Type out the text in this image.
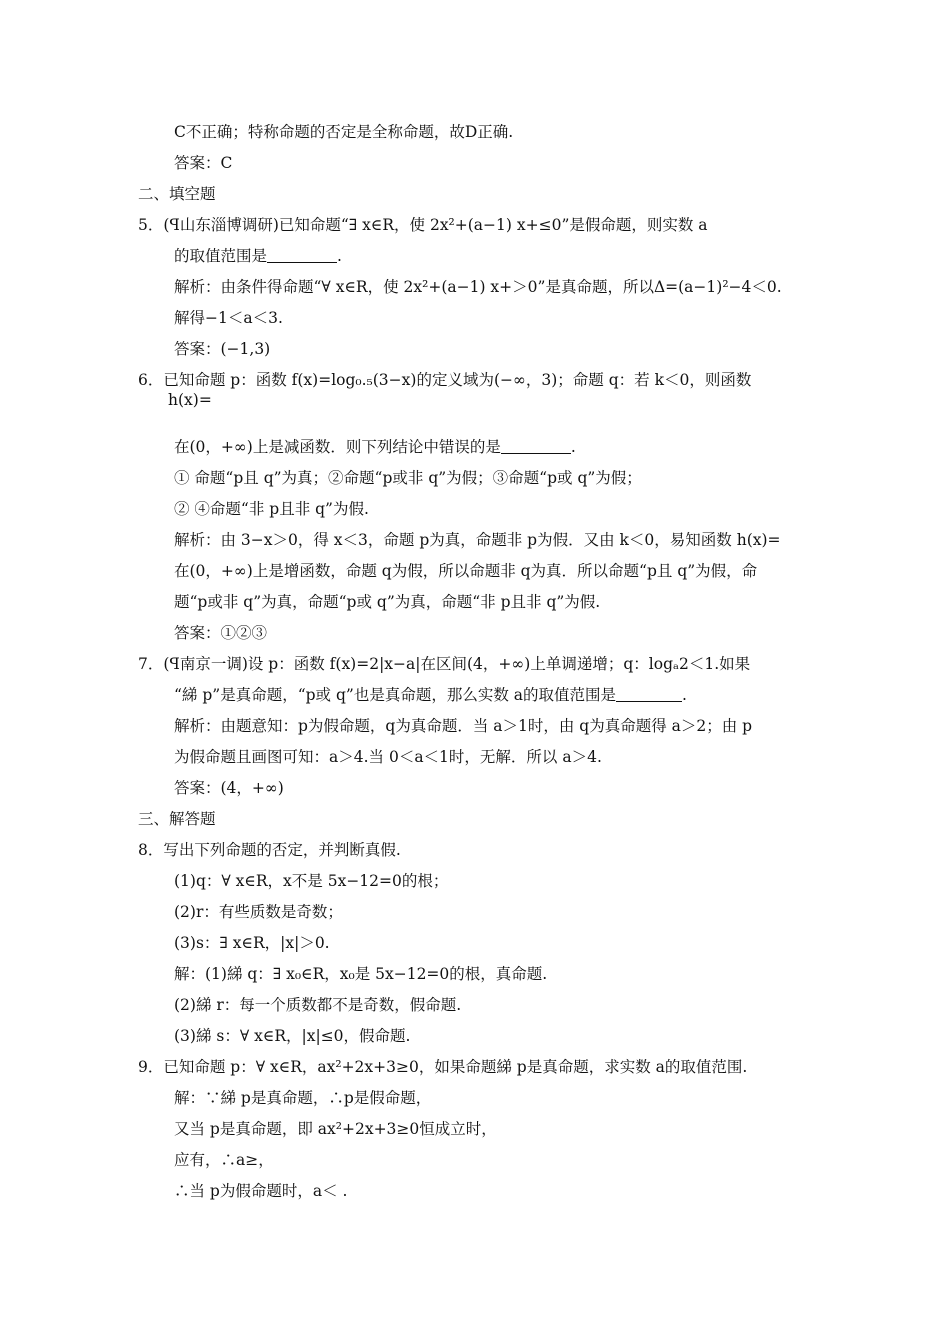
C不正确；特称命题的否定是全称命题，故D正确.
答案：C
二、填空题
5．(ꟼ山东淄博调研)已知命题“∃ x∈R，使 2x²+(a−1) x+≤0”是假命题，则实数 a
的取值范围是	.
解析：由条件得命题“∀ x∈R，使 2x²+(a−1) x+＞0”是真命题，所以Δ=(a−1)²−4＜0.
解得−1＜a＜3.
答案：(−1,3)
6．已知命题 p：函数 f(x)=log₀.₅(3−x)的定义域为(−∞，3)；命题 q：若 k＜0，则函数
h(x)=
在(0，+∞)上是减函数．则下列结论中错误的是	.
① 命题“p且 q”为真；②命题“p或非 q”为假；③命题“p或 q”为假；
② ④命题“非 p且非 q”为假.
解析：由 3−x＞0，得 x＜3，命题 p为真，命题非 p为假．又由 k＜0，易知函数 h(x)=
在(0，+∞)上是增函数，命题 q为假，所以命题非 q为真．所以命题“p且 q”为假，命
题“p或非 q”为真，命题“p或 q”为真，命题“非 p且非 q”为假.
答案：①②③
7．(ꟼ南京一调)设 p：函数 f(x)=2|x−a|在区间(4，+∞)上单调递增；q：logₐ2＜1.如果
“綈 p”是真命题，“p或 q”也是真命题，那么实数 a的取值范围是	.
解析：由题意知：p为假命题，q为真命题．当 a＞1时，由 q为真命题得 a＞2；由 p
为假命题且画图可知：a＞4.当 0＜a＜1时，无解．所以 a＞4.
答案：(4，+∞)
三、解答题
8．写出下列命题的否定，并判断真假.
(1)q：∀ x∈R，x不是 5x−12=0的根；
(2)r：有些质数是奇数；
(3)s：∃ x∈R，|x|＞0.
解：(1)綈 q：∃ x₀∈R，x₀是 5x−12=0的根，真命题.
(2)綈 r：每一个质数都不是奇数，假命题.
(3)綈 s：∀ x∈R，|x|≤0，假命题.
9．已知命题 p：∀ x∈R，ax²+2x+3≥0，如果命题綈 p是真命题，求实数 a的取值范围.
解：∵綈 p是真命题，∴p是假命题，
又当 p是真命题，即 ax²+2x+3≥0恒成立时，
应有，∴a≥，
∴当 p为假命题时，a＜ .
